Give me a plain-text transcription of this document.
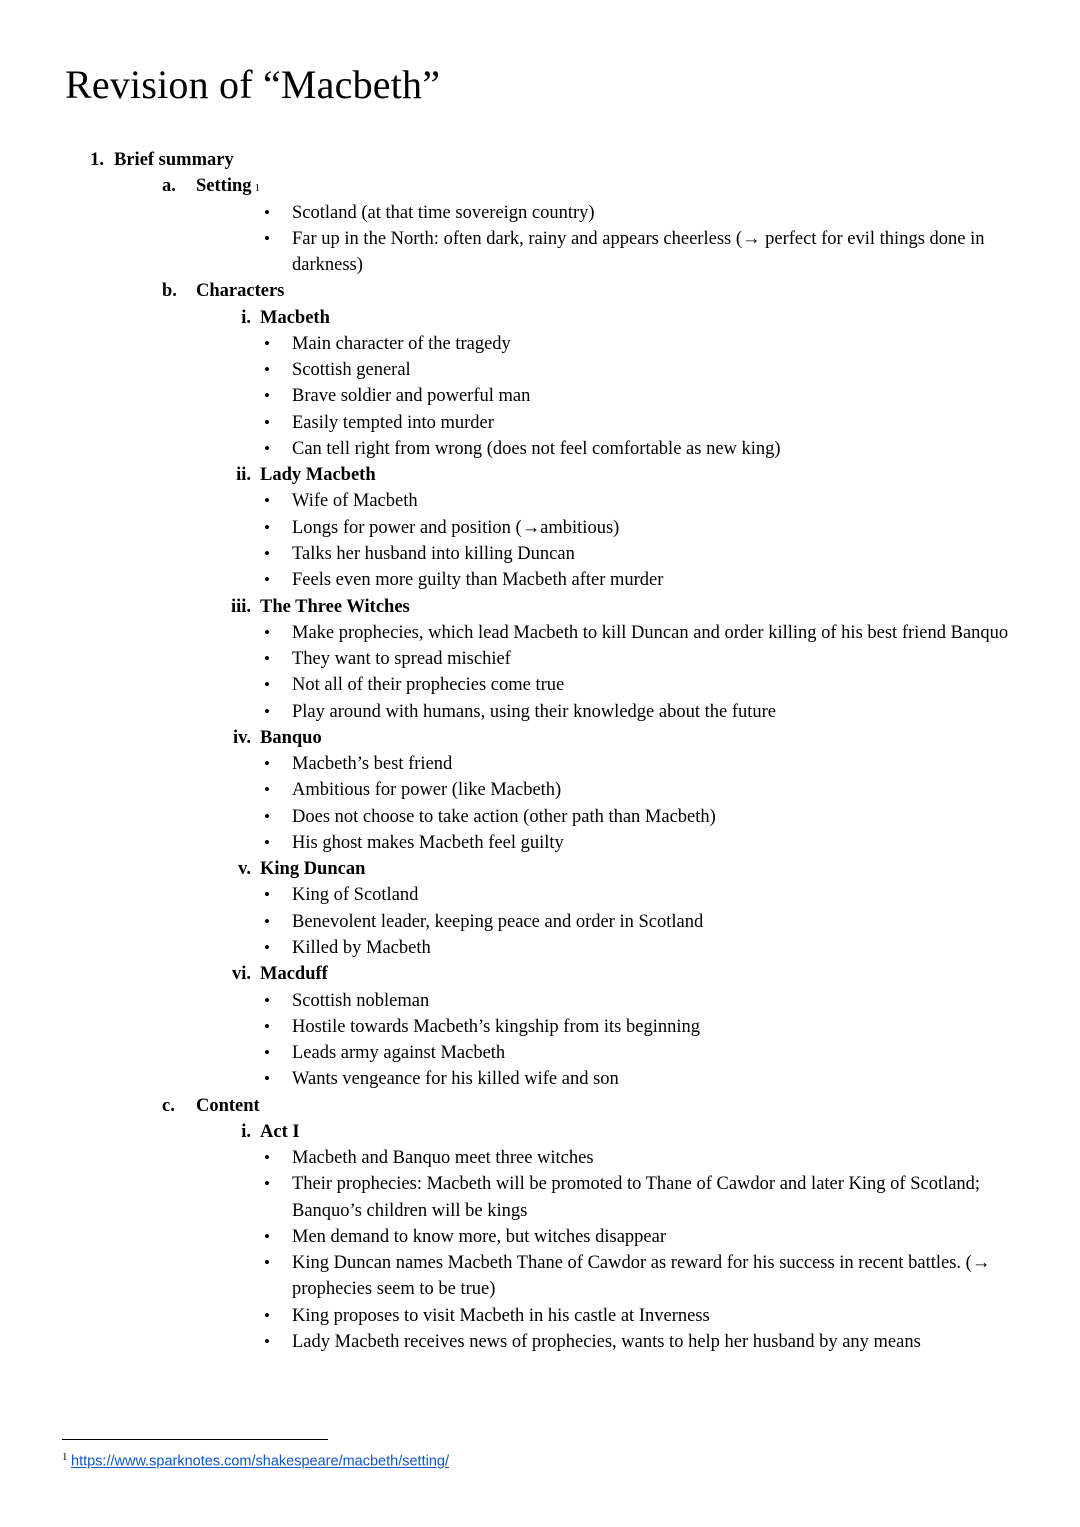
Revision of “Macbeth”
1. Brief summary
a.	Setting 1
•	Scotland (at that time sovereign country)
•	Far up in the North: often dark, rainy and appears cheerless (→ perfect for evil things done in darkness)
b.	Characters
i. Macbeth
•	Main character of the tragedy
•	Scottish general
•	Brave soldier and powerful man
•	Easily tempted into murder
•	Can tell right from wrong (does not feel comfortable as new king)
ii. Lady Macbeth
•	Wife of Macbeth
•	Longs for power and position (→ambitious)
•	Talks her husband into killing Duncan
•	Feels even more guilty than Macbeth after murder
iii. The Three Witches
•	Make prophecies, which lead Macbeth to kill Duncan and order killing of his best friend Banquo
•	They want to spread mischief
•	Not all of their prophecies come true
•	Play around with humans, using their knowledge about the future
iv. Banquo
•	Macbeth’s best friend
•	Ambitious for power (like Macbeth)
•	Does not choose to take action (other path than Macbeth)
•	His ghost makes Macbeth feel guilty
v. King Duncan
•	King of Scotland
•	Benevolent leader, keeping peace and order in Scotland
•	Killed by Macbeth
vi. Macduff
•	Scottish nobleman
•	Hostile towards Macbeth’s kingship from its beginning
•	Leads army against Macbeth
•	Wants vengeance for his killed wife and son
c.	Content
i. Act I
•	Macbeth and Banquo meet three witches
•	Their prophecies: Macbeth will be promoted to Thane of Cawdor and later King of Scotland; Banquo’s children will be kings
•	Men demand to know more, but witches disappear
•	King Duncan names Macbeth Thane of Cawdor as reward for his success in recent battles. (→ prophecies seem to be true)
•	King proposes to visit Macbeth in his castle at Inverness
•	Lady Macbeth receives news of prophecies, wants to help her husband by any means
$^1$ https://www.sparknotes.com/shakespeare/macbeth/setting/
